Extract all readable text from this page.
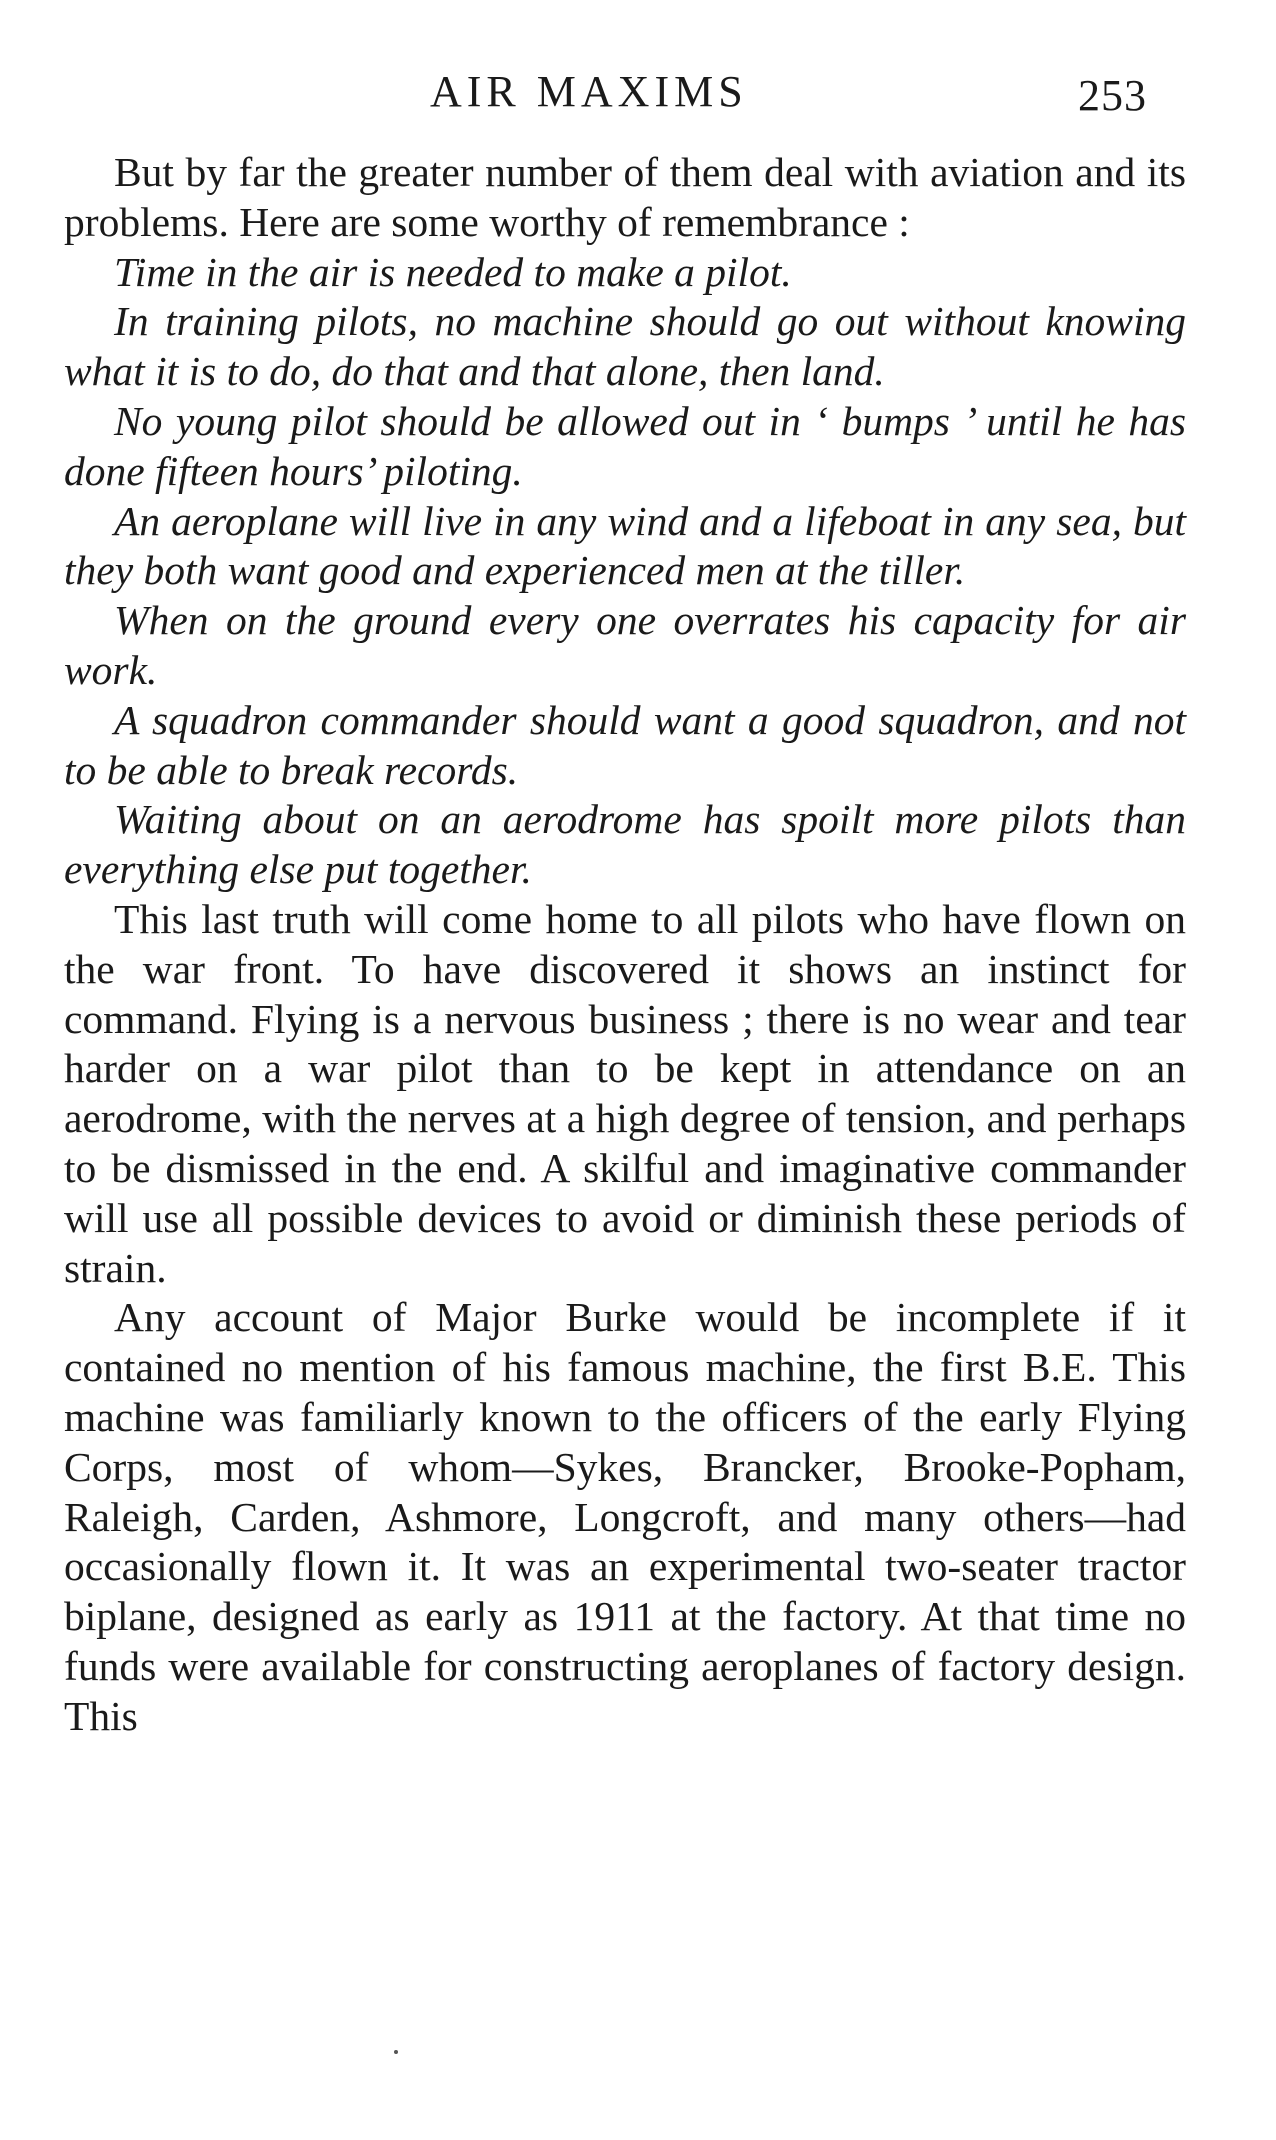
AIR MAXIMS	253

But by far the greater number of them deal with aviation and its problems. Here are some worthy of remembrance :

Time in the air is needed to make a pilot.

In training pilots, no machine should go out without knowing what it is to do, do that and that alone, then land.

No young pilot should be allowed out in ‘ bumps ’ until he has done fifteen hours’ piloting.

An aeroplane will live in any wind and a lifeboat in any sea, but they both want good and experienced men at the tiller.

When on the ground every one overrates his capacity for air work.

A squadron commander should want a good squadron, and not to be able to break records.

Waiting about on an aerodrome has spoilt more pilots than everything else put together.

This last truth will come home to all pilots who have flown on the war front. To have discovered it shows an instinct for command. Flying is a nervous business ; there is no wear and tear harder on a war pilot than to be kept in attendance on an aerodrome, with the nerves at a high degree of tension, and perhaps to be dismissed in the end. A skilful and imaginative commander will use all possible devices to avoid or diminish these periods of strain.

Any account of Major Burke would be incomplete if it contained no mention of his famous machine, the first B.E. This machine was familiarly known to the officers of the early Flying Corps, most of whom—Sykes, Brancker, Brooke-Popham, Raleigh, Carden, Ashmore, Longcroft, and many others—had occasionally flown it. It was an experimental two-seater tractor biplane, designed as early as 1911 at the factory. At that time no funds were available for constructing aeroplanes of factory design. This
